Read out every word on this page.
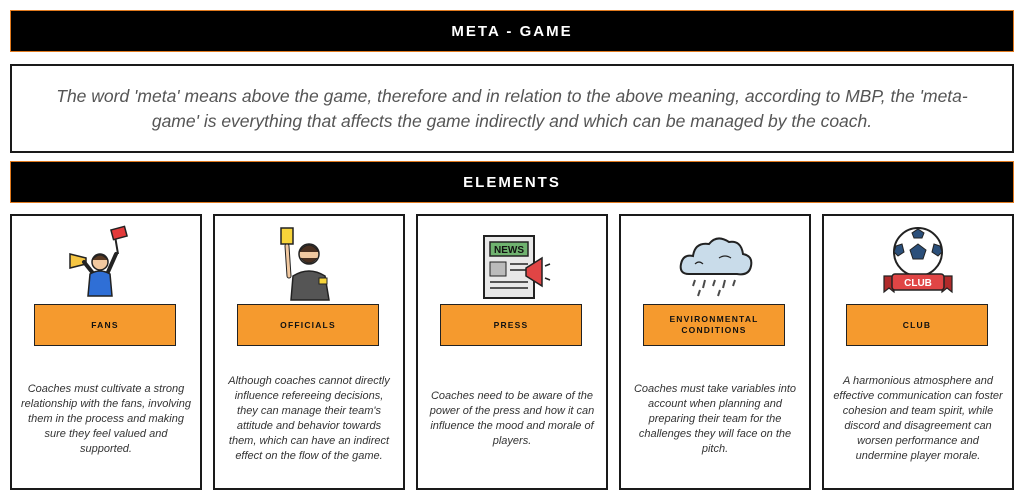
META - GAME
The word 'meta' means above the game, therefore and in relation to the above meaning, according to MBP, the 'meta-game' is everything that affects the game indirectly and which can be managed by the coach.
ELEMENTS
FANS
Coaches must cultivate a strong relationship with the fans, involving them in the process and making sure they feel valued and supported.
OFFICIALS
Although coaches cannot directly influence refereeing decisions, they can manage their team's attitude and behavior towards them, which can have an indirect effect on the flow of the game.
NEWS
PRESS
Coaches need to be aware of the power of the press and how it can influence the mood and morale of players.
ENVIRONMENTAL CONDITIONS
Coaches must take variables into account when planning and preparing their team for the challenges they will face on the pitch.
CLUB
CLUB
A harmonious atmosphere and effective communication can foster cohesion and team spirit, while discord and disagreement can worsen performance and undermine player morale.
